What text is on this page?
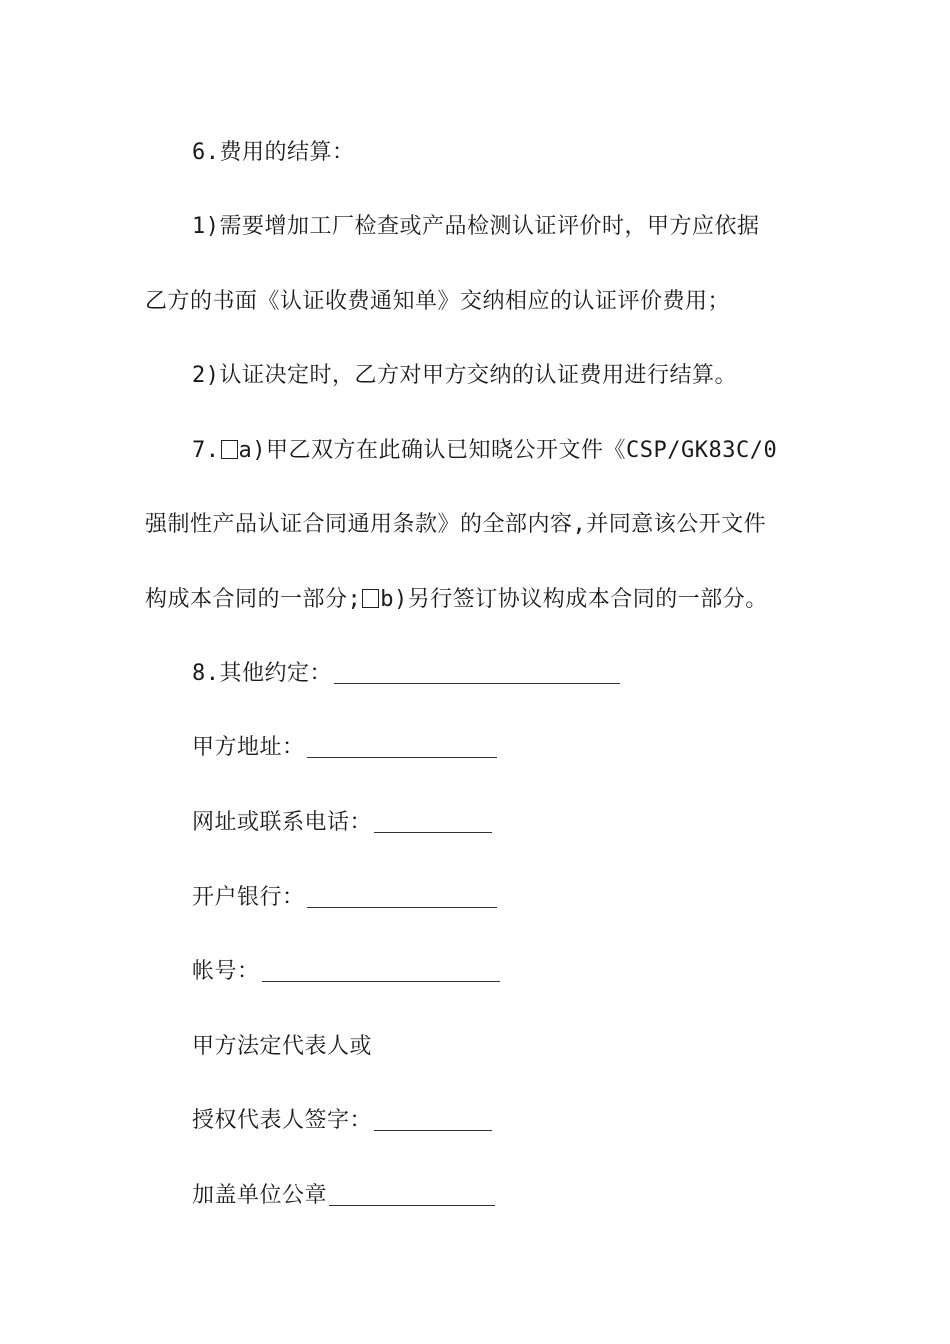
6.费用的结算：
1)需要增加工厂检查或产品检测认证评价时，甲方应依据
乙方的书面《认证收费通知单》交纳相应的认证评价费用；
2)认证决定时，乙方对甲方交纳的认证费用进行结算。
7. a)甲乙双方在此确认已知晓公开文件《CSP/GK83C/0
强制性产品认证合同通用条款》的全部内容,并同意该公开文件
构成本合同的一部分; b)另行签订协议构成本合同的一部分。
8.其他约定：
甲方地址：
网址或联系电话：
开户银行：
帐号：
甲方法定代表人或
授权代表人签字：
加盖单位公章
